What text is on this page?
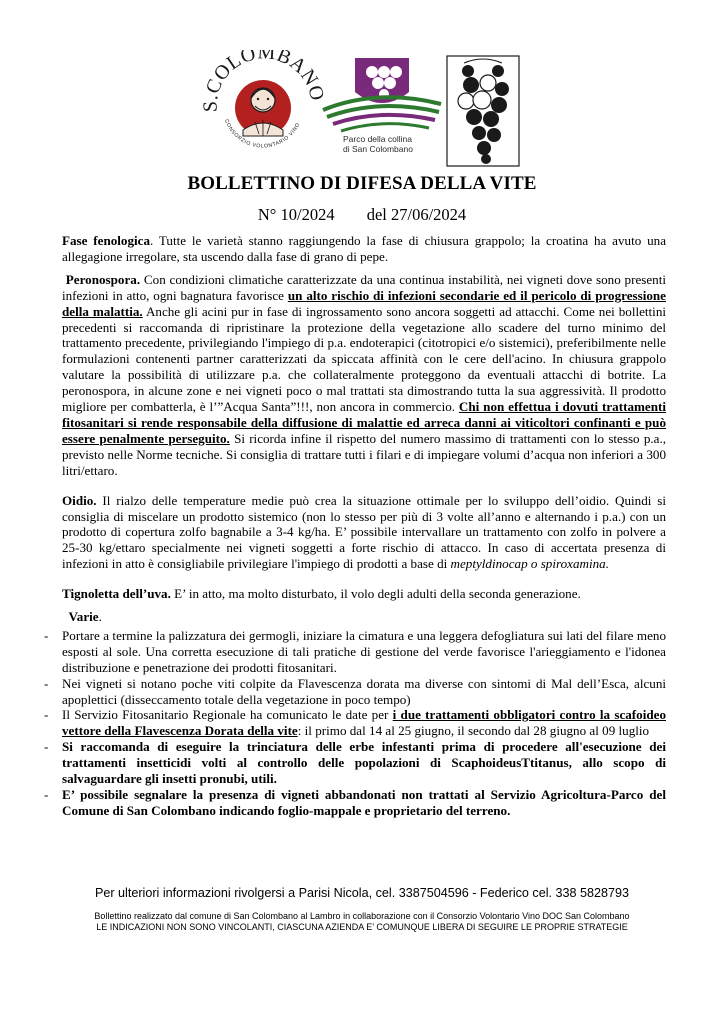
COLOMBAN
CONSORZIO VOLONTARIO VINO
Parco della collina
di San Colombano
BOLLETTINO DI DIFESA DELLA VITE
N° 10/2024 del 27/06/2024

Fase fenologica. Tutte le varietà stanno raggiungendo la fase di chiusura grappolo; la croatina ha avuto una allegagione irregolare, sta uscendo dalla fase di grano di pepe.

Peronospora. Con condizioni climatiche caratterizzate da una continua instabilità, nei vigneti dove sono presenti infezioni in atto, ogni bagnatura favorisce un alto rischio di infezioni secondarie ed il pericolo di progressione della malattia. Anche gli acini pur in fase di ingrossamento sono ancora soggetti ad attacchi. Come nei bollettini precedenti si raccomanda di ripristinare la protezione della vegetazione allo scadere del turno minimo del trattamento precedente, privilegiando l'impiego di p.a. endoterapici (citotropici e/o sistemici), preferibilmente nelle formulazioni contenenti partner caratterizzati da spiccata affinità con le cere dell'acino. In chiusura grappolo valutare la possibilità di utilizzare p.a. che collateralmente proteggono da eventuali attacchi di botrite. La peronospora, in alcune zone e nei vigneti poco o mal trattati sta dimostrando tutta la sua aggressività. Il prodotto migliore per combatterla, è l’”Acqua Santa”!!!, non ancora in commercio. Chi non effettua i dovuti trattamenti fitosanitari si rende responsabile della diffusione di malattie ed arreca danni ai viticoltori confinanti e può essere penalmente perseguito. Si ricorda infine il rispetto del numero massimo di trattamenti con lo stesso p.a., previsto nelle Norme tecniche. Si consiglia di trattare tutti i filari e di impiegare volumi d’acqua non inferiori a 300 litri/ettaro.

Oidio. Il rialzo delle temperature medie può crea la situazione ottimale per lo sviluppo dell’oidio. Quindi si consiglia di miscelare un prodotto sistemico (non lo stesso per più di 3 volte all’anno e alternando i p.a.) con un prodotto di copertura zolfo bagnabile a 3-4 kg/ha. E’ possibile intervallare un trattamento con zolfo in polvere a 25-30 kg/ettaro specialmente nei vigneti soggetti a forte rischio di attacco. In caso di accertata presenza di infezioni in atto è consigliabile privilegiare l'impiego di prodotti a base di meptyldinocap o spiroxamina.

Tignoletta dell’uva. E’ in atto, ma molto disturbato, il volo degli adulti della seconda generazione.

Varie.

- Portare a termine la palizzatura dei germogli, iniziare la cimatura e una leggera defogliatura sui lati del filare meno esposti al sole. Una corretta esecuzione di tali pratiche di gestione del verde favorisce l'arieggiamento e l'idonea distribuzione e penetrazione dei prodotti fitosanitari.
- Nei vigneti si notano poche viti colpite da Flavescenza dorata ma diverse con sintomi di Mal dell’Esca, alcuni apoplettici (disseccamento totale della vegetazione in poco tempo)
- Il Servizio Fitosanitario Regionale ha comunicato le date per i due trattamenti obbligatori contro la scafoideo vettore della Flavescenza Dorata della vite: il primo dal 14 al 25 giugno, il secondo dal 28 giugno al 09 luglio
- Si raccomanda di eseguire la trinciatura delle erbe infestanti prima di procedere all'esecuzione dei trattamenti insetticidi volti al controllo delle popolazioni di ScaphoideusTtitanus, allo scopo di salvaguardare gli insetti pronubi, utili.
- E’ possibile segnalare la presenza di vigneti abbandonati non trattati al Servizio Agricoltura-Parco del Comune di San Colombano indicando foglio-mappale e proprietario del terreno.
Per ulteriori informazioni rivolgersi a Parisi Nicola, cel. 3387504596 - Federico cel. 338 5828793
Bollettino realizzato dal comune di San Colombano al Lambro in collaborazione con il Consorzio Volontario Vino DOC San Colombano
LE INDICAZIONI NON SONO VINCOLANTI, CIASCUNA AZIENDA E’ COMUNQUE LIBERA DI SEGUIRE LE PROPRIE STRATEGIE
